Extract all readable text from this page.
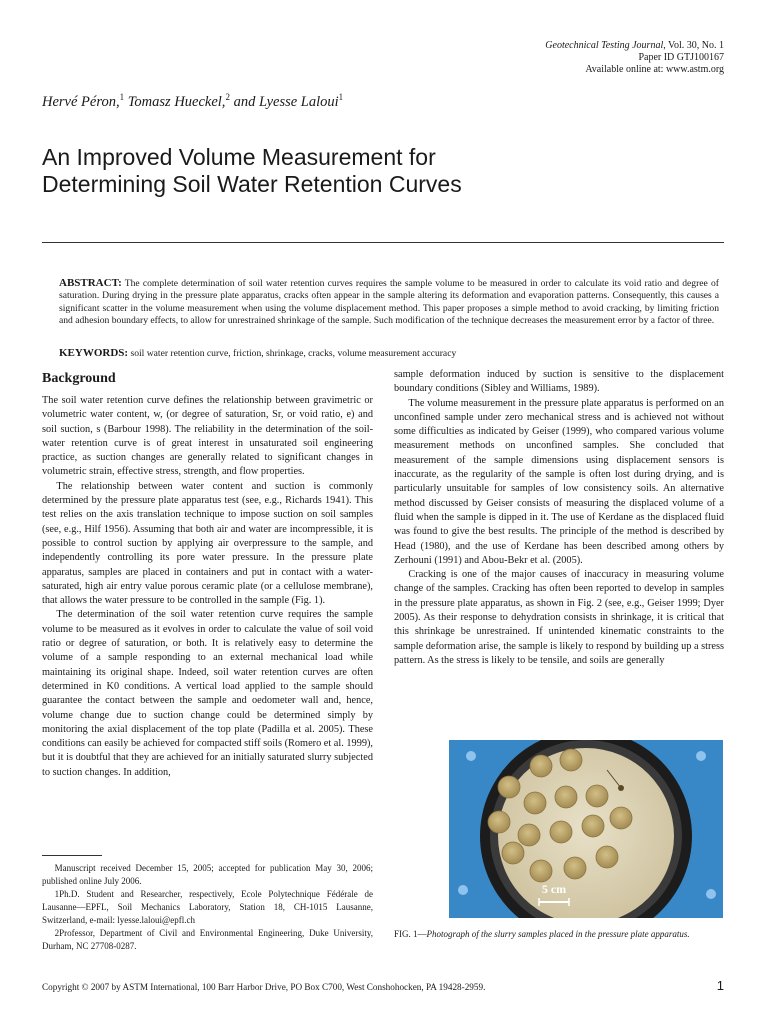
Geotechnical Testing Journal, Vol. 30, No. 1
Paper ID GTJ100167
Available online at: www.astm.org
Hervé Péron,$^1$ Tomasz Hueckel,$^2$ and Lyesse Laloui$^1$
An Improved Volume Measurement for
Determining Soil Water Retention Curves
ABSTRACT: The complete determination of soil water retention curves requires the sample volume to be measured in order to calculate its void ratio and degree of saturation. During drying in the pressure plate apparatus, cracks often appear in the sample altering its deformation and evaporation patterns. Consequently, this causes a significant scatter in the volume measurement when using the volume displacement method. This paper proposes a simple method to avoid cracking, by limiting friction and adhesion boundary effects, to allow for unrestrained shrinkage of the sample. Such modification of the technique decreases the measurement error by a factor of three.
KEYWORDS: soil water retention curve, friction, shrinkage, cracks, volume measurement accuracy
Background

The soil water retention curve defines the relationship between gravimetric or volumetric water content, w, (or degree of saturation, Sr, or void ratio, e) and soil suction, s (Barbour 1998). The reliability in the determination of the soil-water retention curve is of great interest in unsaturated soil engineering practice, as suction changes are generally related to significant changes in volumetric strain, effective stress, strength, and flow properties.

The relationship between water content and suction is commonly determined by the pressure plate apparatus test (see, e.g., Richards 1941). This test relies on the axis translation technique to impose suction on soil samples (see, e.g., Hilf 1956). Assuming that both air and water are incompressible, it is possible to control suction by applying air overpressure to the sample, and independently controlling its pore water pressure. In the pressure plate apparatus, samples are placed in containers and put in contact with a water-saturated, high air entry value porous ceramic plate (or a cellulose membrane), that allows the water pressure to be controlled in the sample (Fig. 1).

The determination of the soil water retention curve requires the sample volume to be measured as it evolves in order to calculate the value of soil void ratio or degree of saturation, or both. It is relatively easy to determine the volume of a sample responding to an external mechanical load while maintaining its original shape. Indeed, soil water retention curves are often determined in K0 conditions. A vertical load applied to the sample should guarantee the contact between the sample and oedometer wall and, hence, volume change due to suction change could be determined simply by monitoring the axial displacement of the top plate (Padilla et al. 2005). These conditions can easily be achieved for compacted stiff soils (Romero et al. 1999), but it is doubtful that they are achieved for an initially saturated slurry subjected to suction changes. In addition,

sample deformation induced by suction is sensitive to the displacement boundary conditions (Sibley and Williams, 1989).

The volume measurement in the pressure plate apparatus is performed on an unconfined sample under zero mechanical stress and is achieved not without some difficulties as indicated by Geiser (1999), who compared various volume measurement methods on unconfined samples. She concluded that measurement of the sample dimensions using displacement sensors is inaccurate, as the regularity of the sample is often lost during drying, and is particularly unsuitable for samples of low consistency soils. An alternative method discussed by Geiser consists of measuring the displaced volume of a fluid when the sample is dipped in it. The use of Kerdane as the displaced fluid was found to give the best results. The principle of the method is described by Head (1980), and the use of Kerdane has been described among others by Zerhouni (1991) and Abou-Bekr et al. (2005).

Cracking is one of the major causes of inaccuracy in measuring volume change of the samples. Cracking has often been reported to develop in samples in the pressure plate apparatus, as shown in Fig. 2 (see, e.g., Geiser 1999; Dyer 2005). As their response to dehydration consists in shrinkage, it is critical that this shrinkage be unrestrained. If unintended kinematic constraints to the sample deformation arise, the sample is likely to respond by building up a stress pattern. As the stress is likely to be tensile, and soils are generally

Manuscript received December 15, 2005; accepted for publication May 30, 2006; published online July 2006.

1Ph.D. Student and Researcher, respectively, Ecole Polytechnique Fédérale de Lausanne—EPFL, Soil Mechanics Laboratory, Station 18, CH-1015 Lausanne, Switzerland, e-mail: lyesse.laloui@epfl.ch

2Professor, Department of Civil and Environmental Engineering, Duke University, Durham, NC 27708-0287.

5 cm
FIG. 1—Photograph of the slurry samples placed in the pressure plate apparatus.
Copyright © 2007 by ASTM International, 100 Barr Harbor Drive, PO Box C700, West Conshohocken, PA 19428-2959.	1
